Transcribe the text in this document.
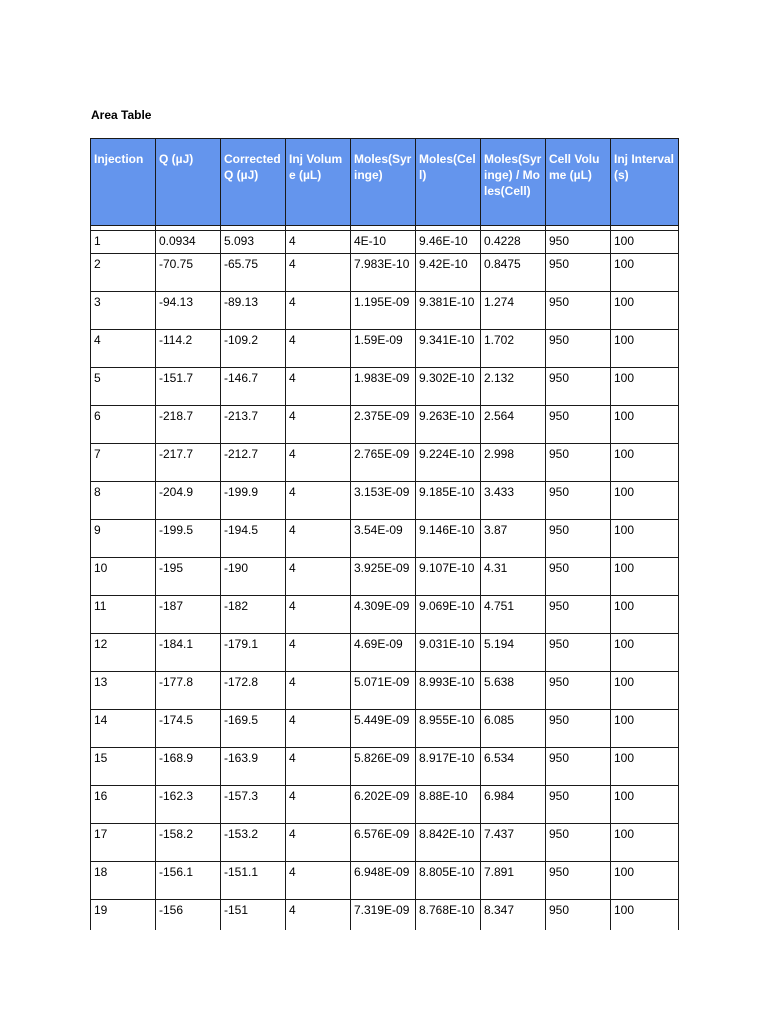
Area Table
Injection	Q (µJ)	Corrected Q (µJ)	Inj Volume (µL)	Moles(Syringe)	Moles(Cell)	Moles(Syringe) / Moles(Cell)	Cell Volume (µL)	Inj Interval (s)

1	0.0934	5.093	4	4E-10	9.46E-10	0.4228	950	100
2	-70.75	-65.75	4	7.983E-10	9.42E-10	0.8475	950	100
3	-94.13	-89.13	4	1.195E-09	9.381E-10	1.274	950	100
4	-114.2	-109.2	4	1.59E-09	9.341E-10	1.702	950	100
5	-151.7	-146.7	4	1.983E-09	9.302E-10	2.132	950	100
6	-218.7	-213.7	4	2.375E-09	9.263E-10	2.564	950	100
7	-217.7	-212.7	4	2.765E-09	9.224E-10	2.998	950	100
8	-204.9	-199.9	4	3.153E-09	9.185E-10	3.433	950	100
9	-199.5	-194.5	4	3.54E-09	9.146E-10	3.87	950	100
10	-195	-190	4	3.925E-09	9.107E-10	4.31	950	100
11	-187	-182	4	4.309E-09	9.069E-10	4.751	950	100
12	-184.1	-179.1	4	4.69E-09	9.031E-10	5.194	950	100
13	-177.8	-172.8	4	5.071E-09	8.993E-10	5.638	950	100
14	-174.5	-169.5	4	5.449E-09	8.955E-10	6.085	950	100
15	-168.9	-163.9	4	5.826E-09	8.917E-10	6.534	950	100
16	-162.3	-157.3	4	6.202E-09	8.88E-10	6.984	950	100
17	-158.2	-153.2	4	6.576E-09	8.842E-10	7.437	950	100
18	-156.1	-151.1	4	6.948E-09	8.805E-10	7.891	950	100
19	-156	-151	4	7.319E-09	8.768E-10	8.347	950	100
